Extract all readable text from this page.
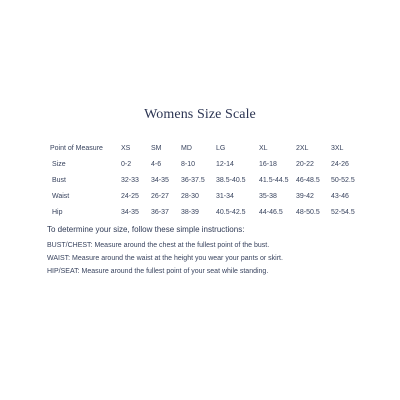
Womens Size Scale
Point of Measure	XS	SM	MD	LG	XL	2XL	3XL
Size	0-2	4-6	8-10	12-14	16-18	20-22	24-26
Bust	32-33	34-35	36-37.5	38.5-40.5	41.5-44.5	46-48.5	50-52.5
Waist	24-25	26-27	28-30	31-34	35-38	39-42	43-46
Hip	34-35	36-37	38-39	40.5-42.5	44-46.5	48-50.5	52-54.5
To determine your size, follow these simple instructions:
BUST/CHEST: Measure around the chest at the fullest point of the bust.
WAIST: Measure around the waist at the height you wear your pants or skirt.
HIP/SEAT: Measure around the fullest point of your seat while standing.
